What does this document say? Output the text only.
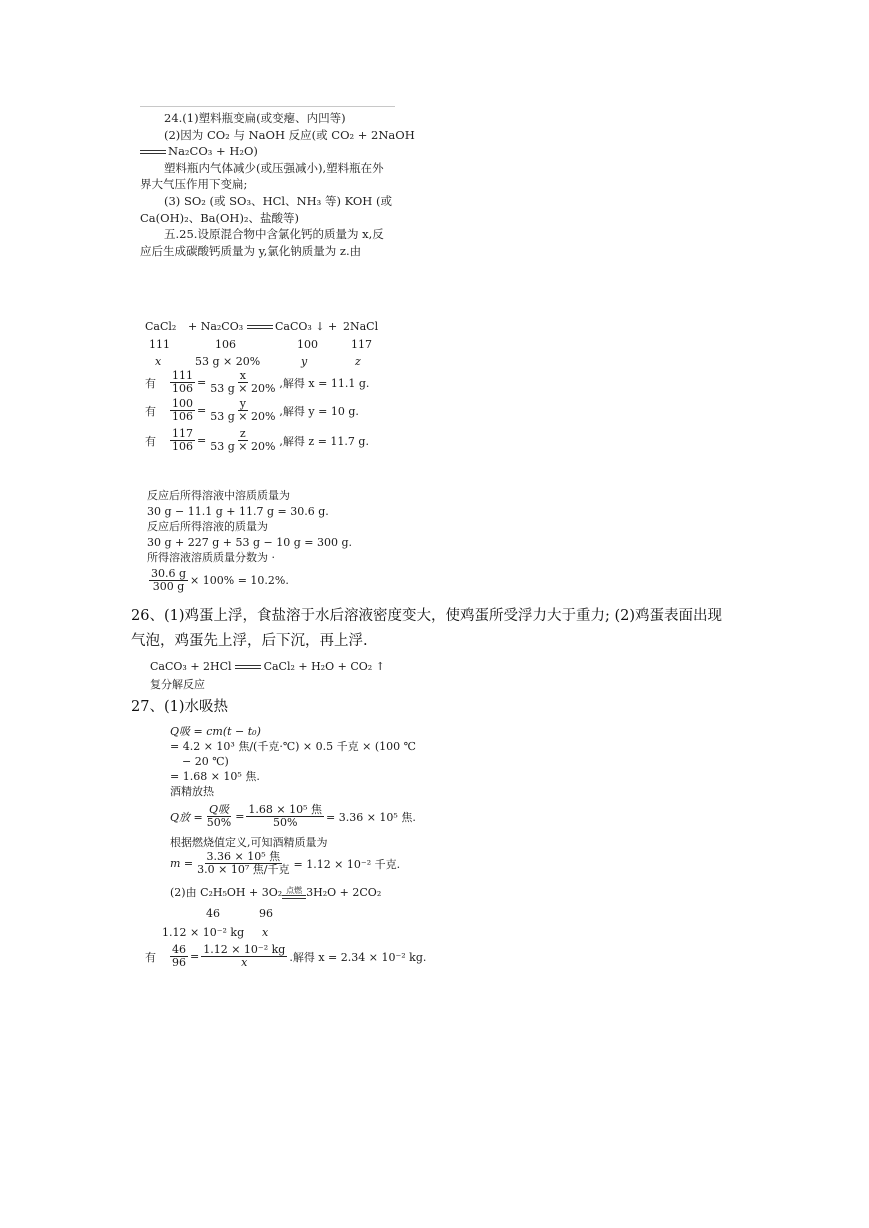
24.(1)塑料瓶变扁(或变瘪、内凹等)
(2)因为 CO₂ 与 NaOH 反应(或 CO₂ + 2NaOH
Na₂CO₃ + H₂O)
塑料瓶内气体减少(或压强减小),塑料瓶在外
界大气压作用下变扁;
(3) SO₂ (或 SO₃、HCl、NH₃ 等) KOH (或
Ca(OH)₂、Ba(OH)₂、盐酸等)
五.25.设原混合物中含氯化钙的质量为 x,反
应后生成碳酸钙质量为 y,氯化钠质量为 z.由
CaCl₂ + Na₂CO₃	CaCO₃ ↓ + 2NaCl
111	106	100	117
x	53 g × 20%	y	z
有 $\frac{111}{106} = \frac{x}{53 g \times 20\%}$ ,解得 x = 11.1 g.
有 $\frac{100}{106} = \frac{y}{53 g \times 20\%}$ ,解得 y = 10 g.
有 $\frac{117}{106} = \frac{z}{53 g \times 20\%}$ ,解得 z = 11.7 g.
反应后所得溶液中溶质质量为
30 g − 11.1 g + 11.7 g = 30.6 g.
反应后所得溶液的质量为
30 g + 227 g + 53 g − 10 g = 300 g.
所得溶液溶质质量分数为 ·
$\frac{30.6 g}{300 g} \times 100\% = 10.2\%$.
26、(1)鸡蛋上浮，食盐溶于水后溶液密度变大，使鸡蛋所受浮力大于重力; (2)鸡蛋表面出现
气泡，鸡蛋先上浮，后下沉，再上浮.
CaCO₃ + 2HCl	CaCl₂ + H₂O + CO₂ ↑
复分解反应
27、(1)水吸热
Q吸 = cm(t − t₀)
= 4.2 × 10³ 焦/(千克·℃) × 0.5 千克 × (100 ℃
− 20 ℃)
= 1.68 × 10⁵ 焦.
酒精放热
Q放 = $\frac{\text{Q吸}}{50\%} = \frac{\text{1.68 × 10⁵ 焦}}{50\%} = 3.36 \times 10^5$ 焦.
根据燃烧值定义,可知酒精质量为
$m = \frac{\text{3.36 × 10⁵ 焦}}{\text{3.0 × 10⁷ 焦/千克}} = 1.12 \times 10^{-2}$ 千克.
(2)由 C₂H₅OH + 3O₂ 点燃 3H₂O + 2CO₂
46	96
1.12 × 10⁻² kg x
有 $\frac{46}{96} = \frac{\text{1.12 × 10⁻² kg}}{x}$ .解得 x = 2.34 × 10⁻² kg.
